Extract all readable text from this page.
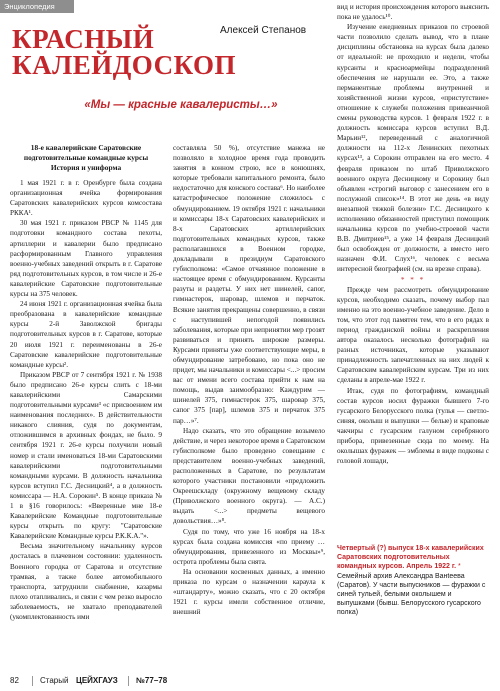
Энциклопедия РККА
КРАСНЫЙ
КАЛЕЙДОСКОП
Алексей Степанов
«Мы — красные кавалеристы…»
18-е кавалерийские Саратовские подготовительные командные курсы История и униформа

1 мая 1921 г. в г. Оренбурге была создана организационная ячейка формирования Саратовских кавалерийских курсов комсостава РККА¹.

30 мая 1921 г. приказом РВСР № 1145 для подготовки командного состава пехоты, артиллерии и кавалерии было предписано расформированным Главного управления военно-учебных заведений открыть в г. Саратове ряд подготовительных курсов, в том числе и 26-е кавалерийские Саратовские подготовительные курсы на 375 человек.

24 июня 1921 г. организационная ячейка была преобразована в кавалерийские командные курсы 2-й Заволжской бригады подготовительных курсов в г. Саратове, которые 20 июля 1921 г. переименованы в 26-е Саратовские кавалерийские подготовительные командные курсы².

Приказом РВСР от 7 сентября 1921 г. № 1938 было предписано 26-е курсы слить с 18-ми кавалерийскими Самарскими подготовительными курсами³ «с присвоением им наименования последних». В действительности никакого слияния, судя по документам, отложившимся в архивных фондах, не было. 9 сентября 1921 г. 26-е курсы получили новый номер и стали именоваться 18-ми Саратовскими кавалерийскими подготовительными командными курсами. В должность начальника курсов вступил Г.С. Десницкий⁴, а в должность комиссара — Н.А. Сорокин⁵. В конце приказа № 1 в §16 говорилось: «Вверенные мне 18-е Кавалерийские Командные подготовительные курсы открыть по кругу: "Саратовские Кавалерийские Командные курсы Р.К.К.А."».

Весьма значительному начальнику курсов досталась в плачевном состоянии: удаленность Военного городка от Саратова и отсутствие трамвая, а также более автомобильного транспорта, затруднили снабжение, казармы плохо отапливались, и связи с чем резко выросло заболеваемость, не хватало преподавателей (укомплектованность ими

составляла 50 %), отсутствие манежа не позволяло в холодное время года проводить занятия в конном строю, все в конюшнях, которые требовали капитального ремонта, было недостаточно для конского состава⁶. Но наиболее катастрофическое положение сложилось с обмундированием. 19 октября 1921 г. начальники и комиссары 18-х Саратовских кавалерийских и 8-х Саратовских артиллерийских подготовительных командных курсов, также располагавшихся в Военном городке, докладывали в президиум Саратовского губисполкома: «Самое отчаянное положение в настоящее время с обмундированием. Курсанты разуты и раздеты. У них нет шинелей, сапог, гимнастерок, шаровар, шлемов и перчаток. Всякие занятия прекращены совершенно, в связи с наступившей непогодой появились заболевания, которые при непринятии мер грозят развиваться и принять широкие размеры. Курсами приняты уже соответствующие меры, в обмундирование затребовано, но пока оно не придет, мы начальники и комиссары <...> просим вас от имени всего состава прийти к нам на помощь, выдав заимообразно: Каждурим — шинелей 375, гимнастерок 375, шаровар 375, сапог 375 [пар], шлемов 375 и перчаток 375 пар…»⁷.

Надо сказать, что это обращение возымело действие, и через некоторое время в Саратовском губисполкоме было проведено совещание с представителем военно-учебных заведений, расположенных в Саратове, по результатам которого участники постановили «предложить Окреешскладу (окружному вещевому складу (Приволжского военного округа). — А.С.) выдать <...> предметы вещевого довольствия…»⁸.

Судя по тому, что уже 16 ноября на 18-х курсах была создана комиссия «по приему … обмундирования, привезенного из Москвы»⁹, острота проблемы была снята.

На основании косвенных данных, а именно приказа по курсам о назначении караула к «штандарту», можно сказать, что с 20 октября 1921 г. курсы имели собственное отличие, внешний

вид и история происхождения которого выяснить пока не удалось¹⁰.

Изучение ежедневных приказов по строевой части позволило сделать вывод, что в плане дисциплины обстановка на курсах была далеко от идеальной: не проходило и недели, чтобы курсанты и красноармейцы подразделений обеспечения не нарушали ее. Это, а также перманентные проблемы внутренней и хозяйственной жизни курсов, «пристутствие» отношение к служебн положения привеанчной смены руководства курсов. 1 февраля 1922 г. в должность комиссара курсов вступил В.Д. Марьин¹², переведенный с аналогичной должности на 112-х Ленинских пехотных курсах¹³, а Сорокин отправлен на его место. 4 февраля приказом по штаб Приволжского военного округа Десницкому и Сорокину был объявлен «строгий выговор с занесением его в послужной список»¹⁴. В этот же день «в виду внезапной тяжкой болезни» Г.С. Десницкого к исполнению обязанностей приступил помощник начальника курсов по учебно-строевой части В.В. Дмитриев¹⁵, а уже 14 февраля Десницкий был освобожден от должности, а вместо него назначен Ф.И. Слух¹⁶, человек с весьма интересной биографией (см. на врезке справа).

* * *

Прежде чем рассмотреть обмундирование курсов, необходимо сказать, почему выбор пал именно на это военно-учебное заведение. Дело в том, что этот год памятен тем, что в его рядах в период гражданской войны и раскрепления автора оказалось несколько фотографий на разных источниках, которые указывают принадлежность запечатленных на них людей к Саратовским кавалерийским курсам. Три из них сделаны в апреле-мае 1922 г.

Итак, судя по фотографиям, командный состав курсов носил фуражки бывшего 7-го гусарского Белорусского полка (тулья — светло-синяя, околыш и выпушки — белые) и краповые чакчиры с гусарским галуном серебряного прибора, привезенные сюда по моему. На околышах фуражек — эмблемы в виде подковы с головой лошади,

Четвертый (?) выпуск 18-х кавалерийских Саратовских подготовительных командных курсов. Апрель 1922 г. * Семейный архив Александра Ванteева (Саратов). У части выпускников — фуражки с синей тульей, белыми околышем и выпушками (бывш. Белорусского гусарского полка)
82	Старый ЦЕЙХГАУЗ №77–78
